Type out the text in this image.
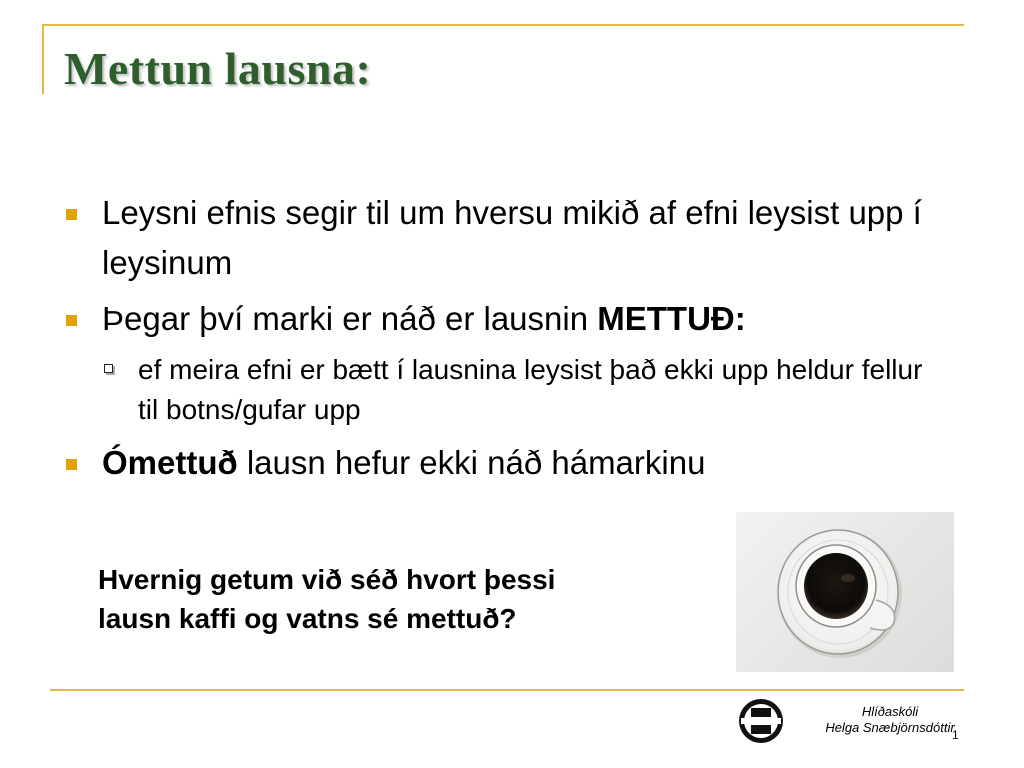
Mettun lausna:
Leysni efnis segir til um hversu mikið af efni leysist upp í leysinum
Þegar því marki er náð er lausnin METTUÐ:
ef meira efni er bætt í lausnina leysist það ekki upp heldur fellur til botns/gufar upp
Ómettuð lausn hefur ekki náð hámarkinu
Hvernig getum við séð hvort þessi
lausn kaffi og vatns sé mettuð?
Hlíðaskóli
Helga Snæbjörnsdóttir
1
